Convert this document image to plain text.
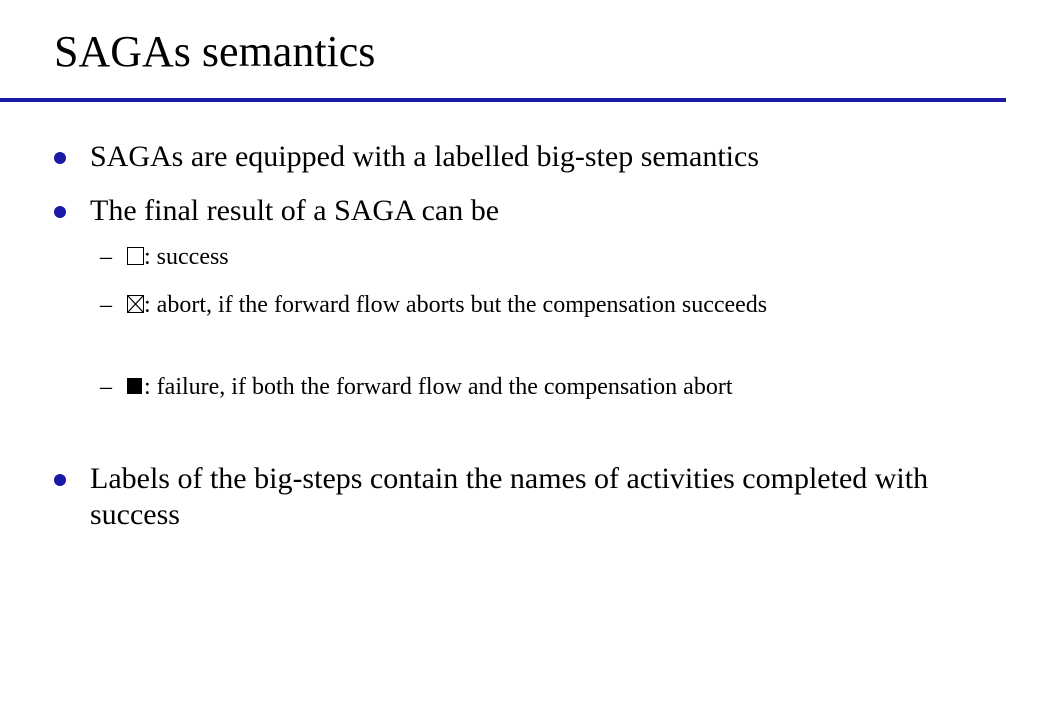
SAGAs semantics
SAGAs are equipped with a labelled big-step semantics
The final result of a SAGA can be
–	: success
–	: abort, if the forward flow aborts but the compensation succeeds
–	: failure, if both the forward flow and the compensation abort
Labels of the big-steps contain the names of activities completed with success
